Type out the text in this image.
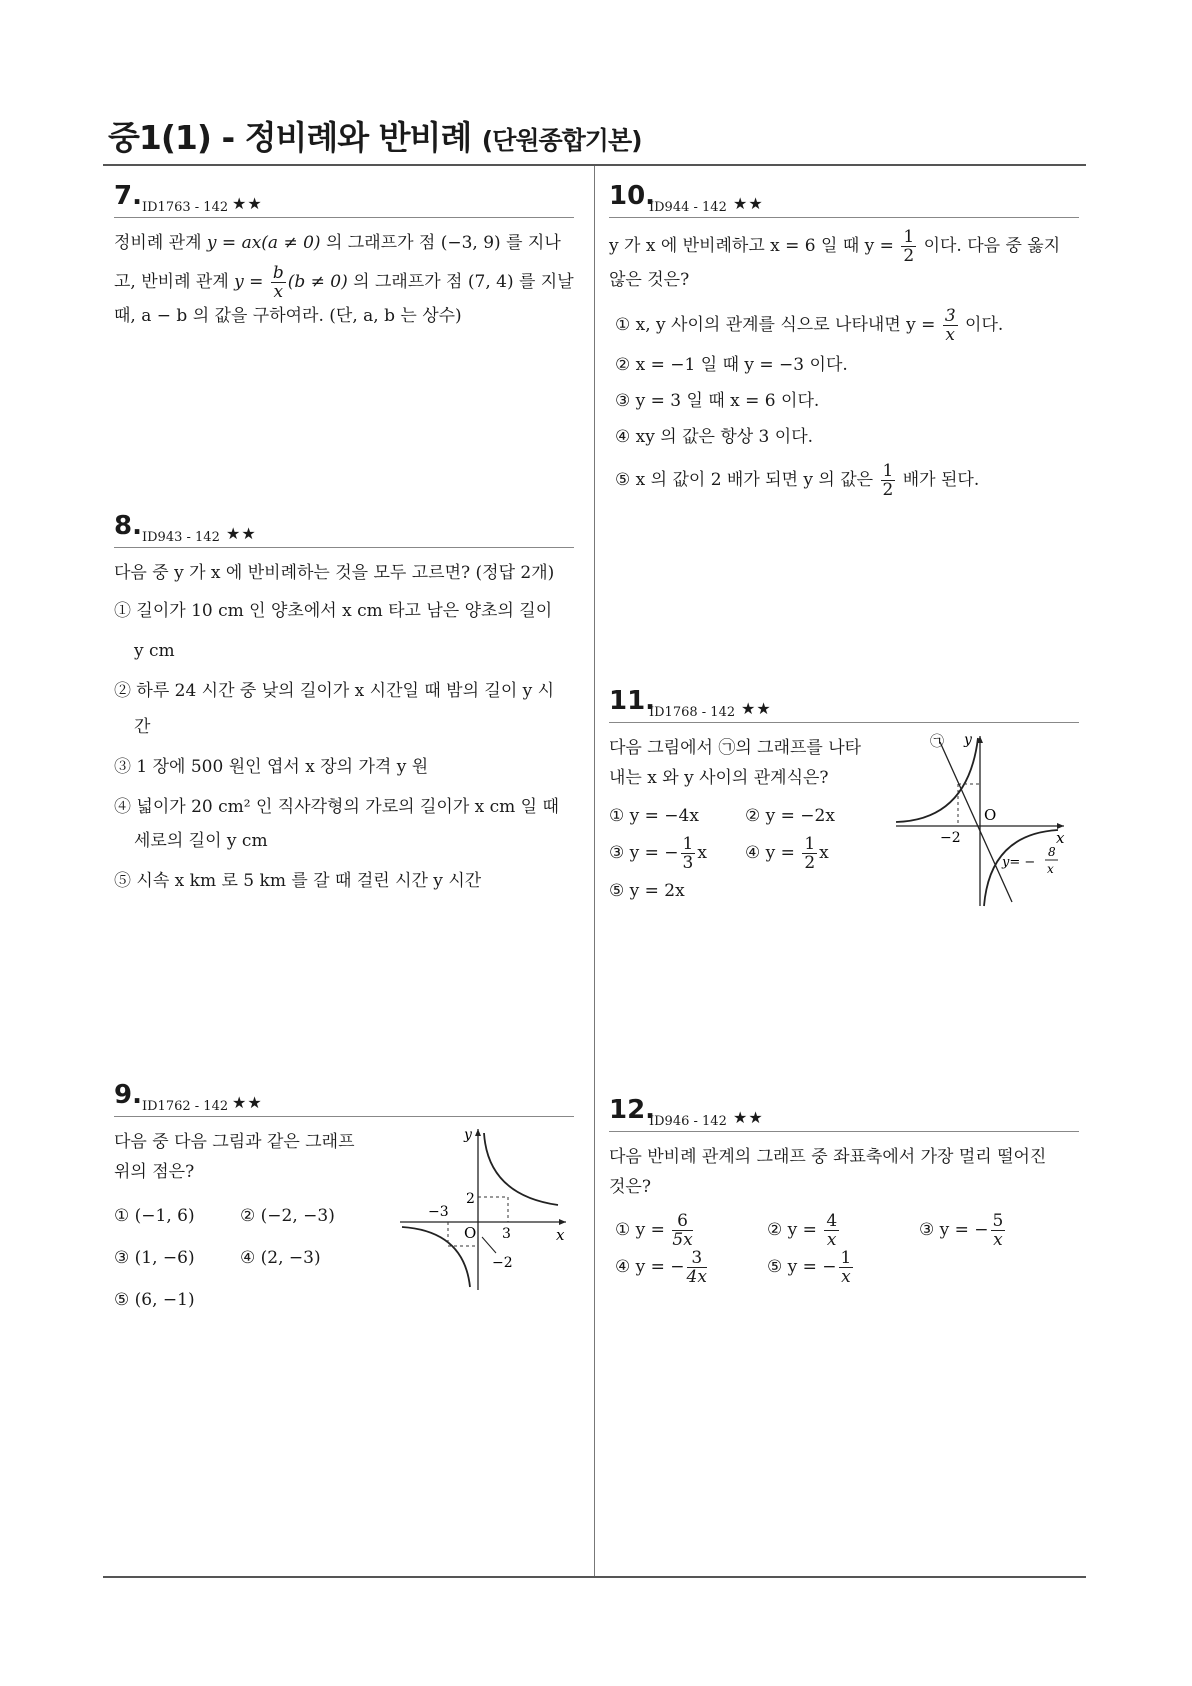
중1(1) - 정비례와 반비례 (단원종합기본)
7. ID1763 - 142 ★★
정비례 관계 y = ax(a ≠ 0) 의 그래프가 점 (−3, 9) 를 지나
고, 반비례 관계 $y = \frac{b}{x} (b \ne 0)$ 의 그래프가 점 (7, 4) 를 지날
때, a − b 의 값을 구하여라. (단, a, b 는 상수)
8. ID943 - 142 ★★
다음 중 y 가 x 에 반비례하는 것을 모두 고르면? (정답 2개)
① 길이가 10 cm 인 양초에서 x cm 타고 남은 양초의 길이
y cm
② 하루 24 시간 중 낮의 길이가 x 시간일 때 밤의 길이 y 시
간
③ 1 장에 500 원인 엽서 x 장의 가격 y 원
④ 넓이가 20 cm² 인 직사각형의 가로의 길이가 x cm 일 때
세로의 길이 y cm
⑤ 시속 x km 로 5 km 를 갈 때 걸린 시간 y 시간
9. ID1762 - 142 ★★
다음 중 다음 그림과 같은 그래프
위의 점은?
① (−1, 6)	② (−2, −3)
③ (1, −6)	④ (2, −3)
⑤ (6, −1)
y
x
O
−3
2
3
−2
10.
ID944 - 142 ★★
y 가 x 에 반비례하고 x = 6 일 때 $y = \frac{1}{2}$ 이다. 다음 중 옳지
않은 것은?
① x, y 사이의 관계를 식으로 나타내면 $y = \frac{3}{x}$ 이다.
② x = −1 일 때 y = −3 이다.
③ y = 3 일 때 x = 6 이다.
④ xy 의 값은 항상 3 이다.
⑤ x 의 값이 2 배가 되면 y 의 값은 $\frac{1}{2}$ 배가 된다.
11.
ID1768 - 142 ★★
다음 그림에서 ㉠의 그래프를 나타
내는 x 와 y 사이의 관계식은?
① y = −4x	② y = −2x
③ y = − $\frac{1}{3}$ x	④ $y = \frac{1}{2}$ x
⑤ y = 2x
㉠ y
x
O
−2
y= −
8
x
12.
ID946 - 142 ★★
다음 반비례 관계의 그래프 중 좌표축에서 가장 멀리 떨어진
것은?
① $y = \frac{6}{5x}$	② $y = \frac{4}{x}$	③ y = − $\frac{5}{x}$
④ y = − $\frac{3}{4x}$	⑤ y = − $\frac{1}{x}$
